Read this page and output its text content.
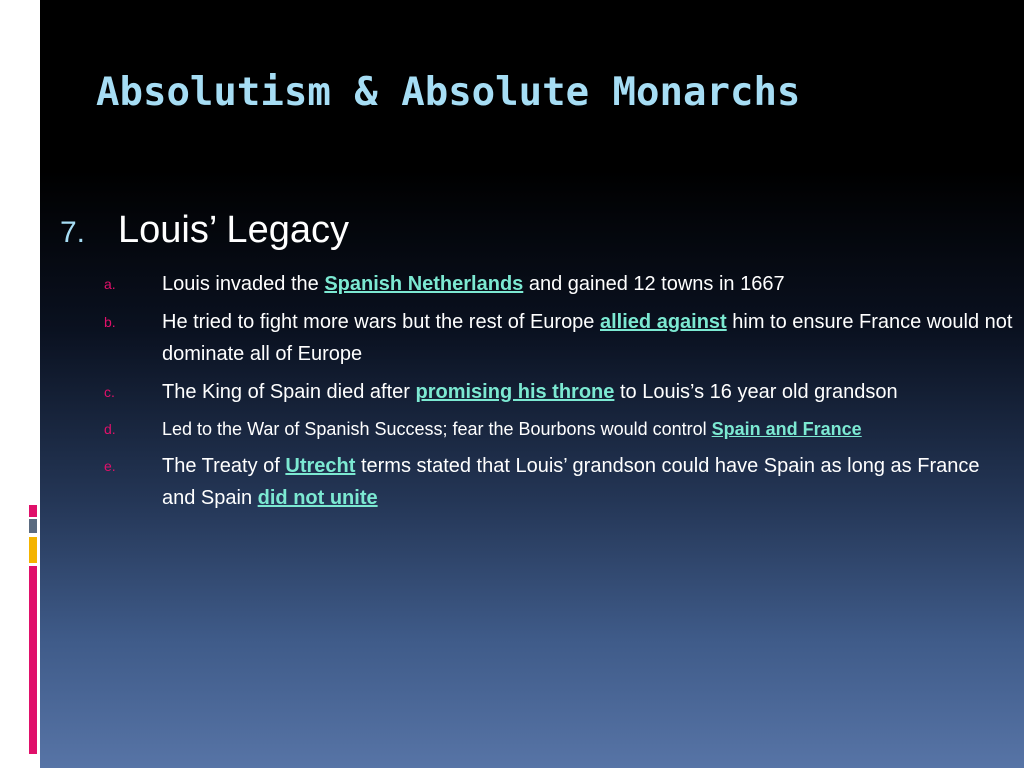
Absolutism & Absolute Monarchs
7. Louis’ Legacy
a. Louis invaded the Spanish Netherlands and gained 12 towns in 1667
b. He tried to fight more wars but the rest of Europe allied against him to ensure France would not dominate all of Europe
c. The King of Spain died after promising his throne to Louis’s 16 year old grandson
d.	Led to the War of Spanish Success; fear the Bourbons would control Spain and France
e. The Treaty of Utrecht terms stated that Louis’ grandson could have Spain as long as France and Spain did not unite
